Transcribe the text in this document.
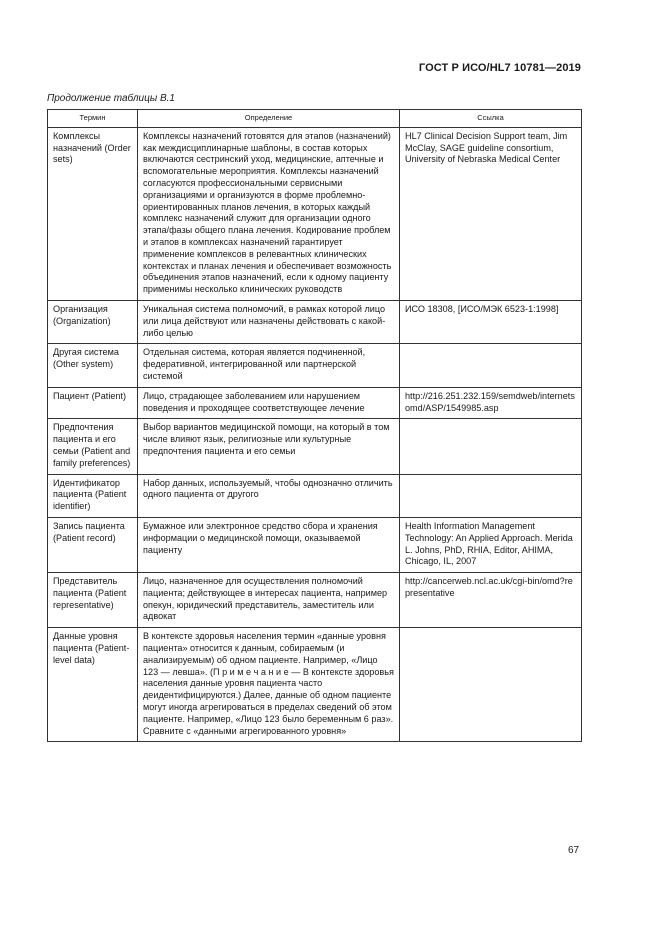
ГОСТ Р ИСО/HL7 10781—2019
Продолжение таблицы В.1
Термин	Определение	Ссылка
Комплексы назначений (Order sets)	Комплексы назначений готовятся для этапов (назначений) как междисциплинарные шаблоны, в состав которых включаются сестринский уход, медицинские, аптечные и вспомогательные мероприятия. Комплексы назначений согласуются профессиональными сервисными организациями и организуются в форме проблемно-ориентированных планов лечения, в которых каждый комплекс назначений служит для организации одного этапа/фазы общего плана лечения. Кодирование проблем и этапов в комплексах назначений гарантирует применение комплексов в релевантных клинических контекстах и планах лечения и обеспечивает возможность объединения этапов назначений, если к одному пациенту применимы несколько клинических руководств	HL7 Clinical Decision Support team, Jim McClay, SAGE guideline consortium, University of Nebraska Medical Center
Организация (Organization)	Уникальная система полномочий, в рамках которой лицо или лица действуют или назначены действовать с какой-либо целью	ИСО 18308, [ИСО/МЭК 6523-1:1998]
Другая система (Other system)	Отдельная система, которая является подчиненной, федеративной, интегрированной или партнерской системой	
Пациент (Patient)	Лицо, страдающее заболеванием или нарушением поведения и проходящее соответствующее лечение	http://216.251.232.159/semdweb/internetsomd/ASP/1549985.asp
Предпочтения пациента и его семьи (Patient and family preferences)	Выбор вариантов медицинской помощи, на который в том числе влияют язык, религиозные или культурные предпочтения пациента и его семьи	
Идентификатор пациента (Patient identifier)	Набор данных, используемый, чтобы однозначно отличить одного пациента от другого	
Запись пациента (Patient record)	Бумажное или электронное средство сбора и хранения информации о медицинской помощи, оказываемой пациенту	Health Information Management Technology: An Applied Approach. Merida L. Johns, PhD, RHIA, Editor, AHIMA, Chicago, IL, 2007
Представитель пациента (Patient representative)	Лицо, назначенное для осуществления полномочий пациента; действующее в интересах пациента, например опекун, юридический представитель, заместитель или адвокат	http://cancerweb.ncl.ac.uk/cgi-bin/omd?representative
Данные уровня пациента (Patient-level data)	В контексте здоровья населения термин «данные уровня пациента» относится к данным, собираемым (и анализируемым) об одном пациенте. Например, «Лицо 123 — левша». (П р и м е ч а н и е — В контексте здоровья населения данные уровня пациента часто деидентифицируются.) Далее, данные об одном пациенте могут иногда агрегироваться в пределах сведений об этом пациенте. Например, «Лицо 123 было беременным 6 раз». Сравните с «данными агрегированного уровня»	
67
